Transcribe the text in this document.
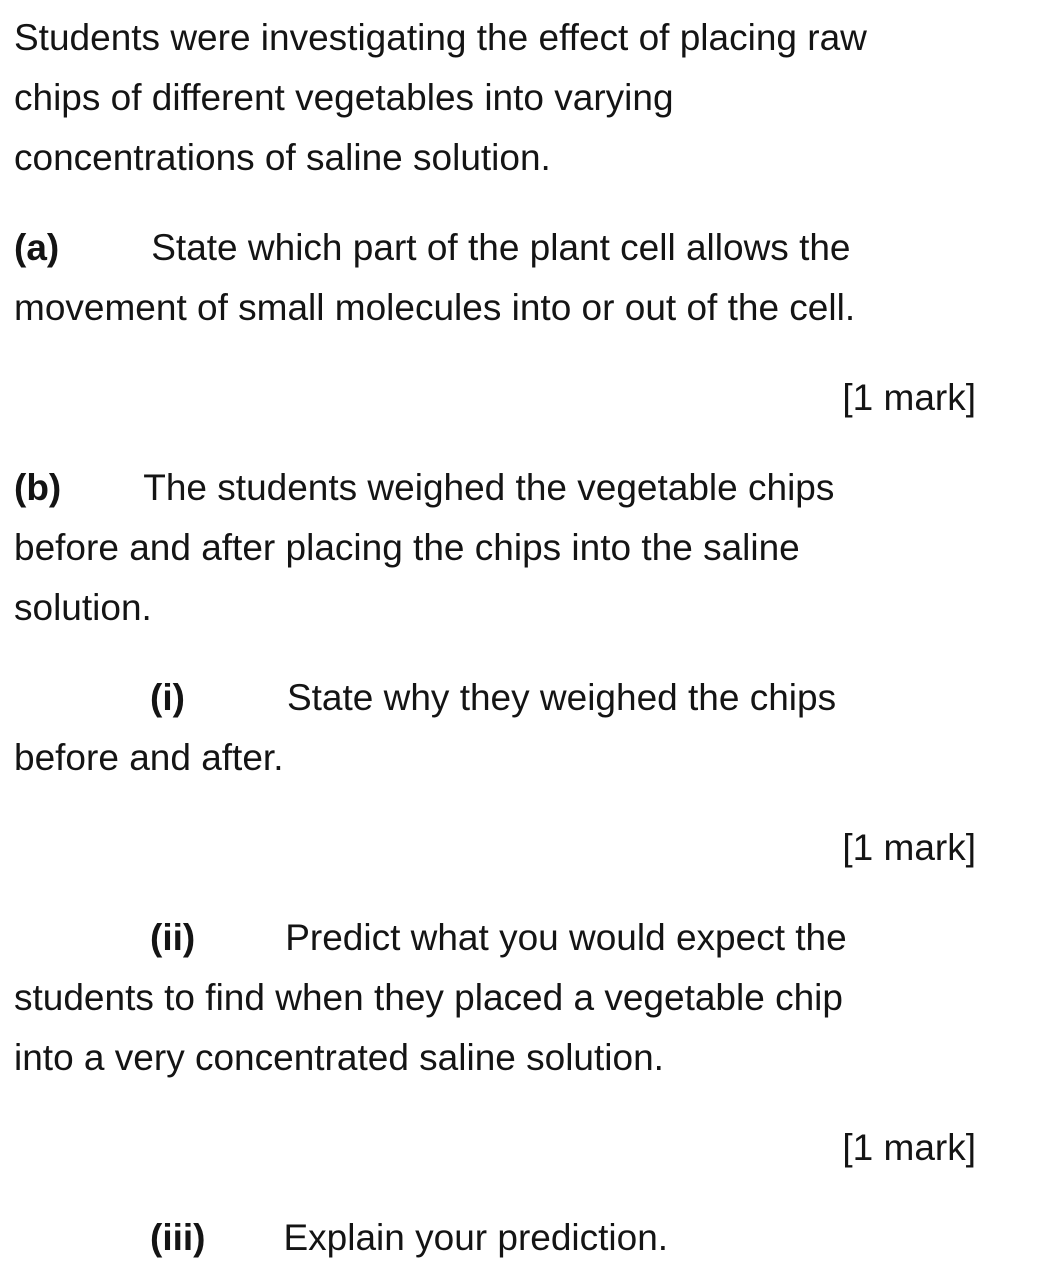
Students were investigating the effect of placing raw
chips of different vegetables into varying
concentrations of saline solution.
(a) State which part of the plant cell allows the
movement of small molecules into or out of the cell.
[1 mark]
(b) The students weighed the vegetable chips
before and after placing the chips into the saline
solution.
(i)	State why they weighed the chips
before and after.
[1 mark]
(ii) Predict what you would expect the
students to find when they placed a vegetable chip
into a very concentrated saline solution.
[1 mark]
(iii) Explain your prediction.
